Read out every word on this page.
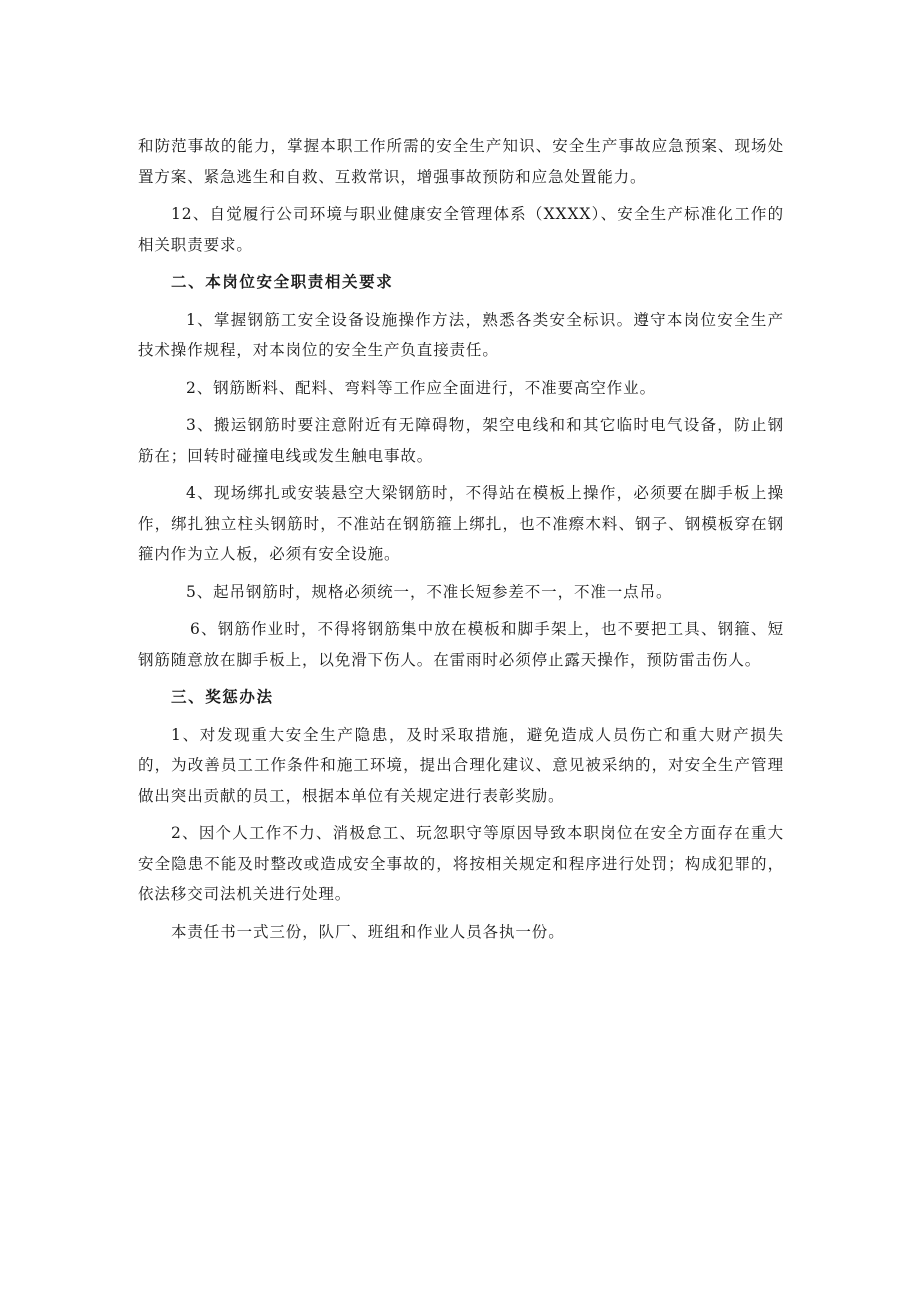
和防范事故的能力，掌握本职工作所需的安全生产知识、安全生产事故应急预案、现场处置方案、紧急逃生和自救、互救常识，增强事故预防和应急处置能力。

12、自觉履行公司环境与职业健康安全管理体系（XXXX）、安全生产标准化工作的相关职责要求。

二、本岗位安全职责相关要求

1、掌握钢筋工安全设备设施操作方法，熟悉各类安全标识。遵守本岗位安全生产技术操作规程，对本岗位的安全生产负直接责任。

2、钢筋断料、配料、弯料等工作应全面进行，不准要高空作业。

3、搬运钢筋时要注意附近有无障碍物，架空电线和和其它临时电气设备，防止钢筋在；回转时碰撞电线或发生触电事故。

4、现场绑扎或安装悬空大梁钢筋时，不得站在模板上操作，必须要在脚手板上操作，绑扎独立柱头钢筋时，不准站在钢筋箍上绑扎，也不准瘵木料、钢子、钢模板穿在钢箍内作为立人板，必须有安全设施。

5、起吊钢筋时，规格必须统一，不准长短参差不一，不准一点吊。

6、钢筋作业时，不得将钢筋集中放在模板和脚手架上，也不要把工具、钢箍、短钢筋随意放在脚手板上，以免滑下伤人。在雷雨时必须停止露天操作，预防雷击伤人。

三、奖惩办法

1、对发现重大安全生产隐患，及时采取措施，避免造成人员伤亡和重大财产损失的，为改善员工工作条件和施工环境，提出合理化建议、意见被采纳的，对安全生产管理做出突出贡献的员工，根据本单位有关规定进行表彰奖励。

2、因个人工作不力、消极怠工、玩忽职守等原因导致本职岗位在安全方面存在重大安全隐患不能及时整改或造成安全事故的，将按相关规定和程序进行处罚；构成犯罪的，依法移交司法机关进行处理。

本责任书一式三份，队厂、班组和作业人员各执一份。
